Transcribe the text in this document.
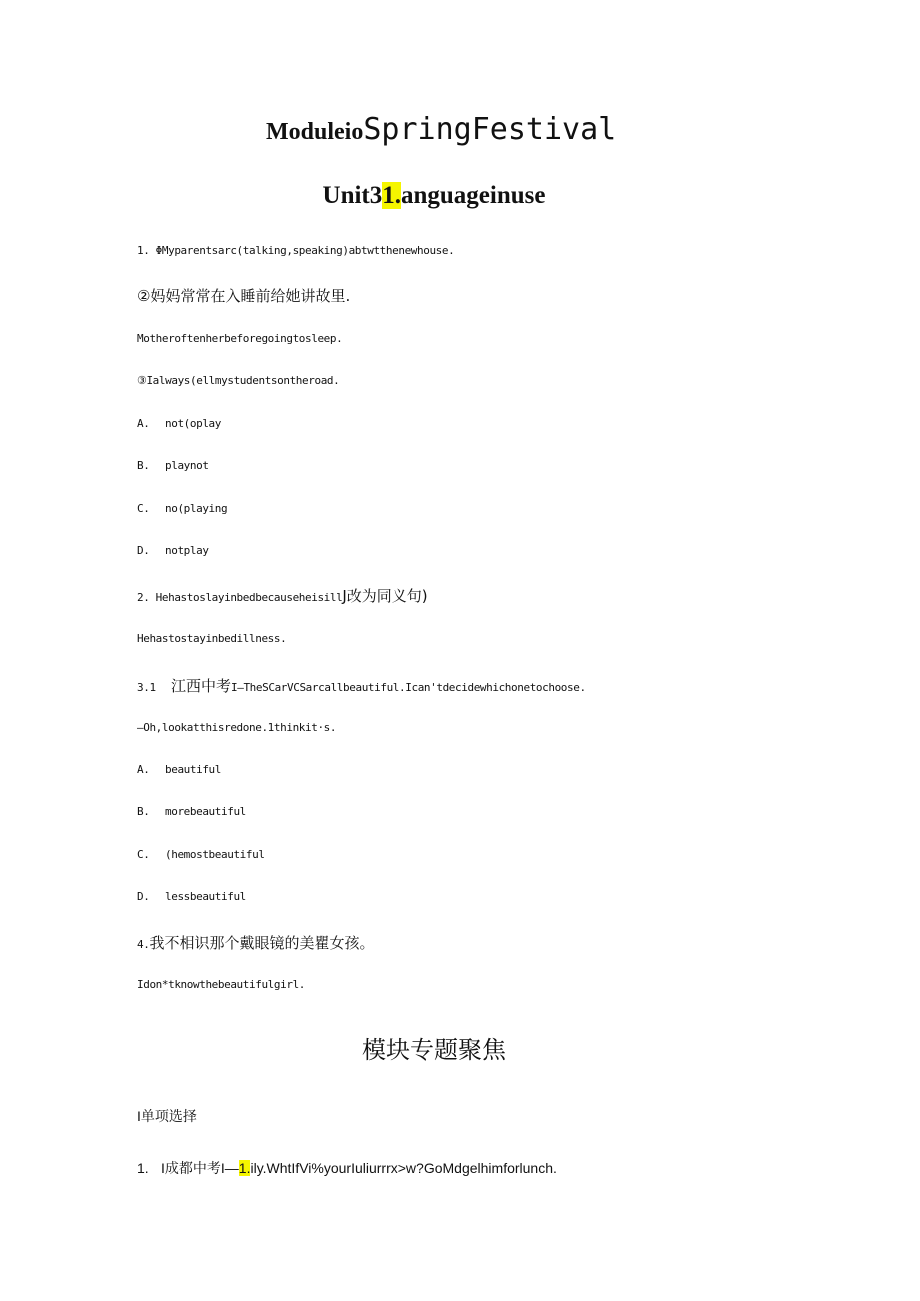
ModuleioSpringFestival
Unit31.anguageinuse
1. ΦMyparentsarc(talking,speaking)abtwtthenewhouse.
②妈妈常常在入睡前给她讲故里.
Motheroftenherbeforegoingtosleep.
③Ialways(ellmystudentsontheroad.
A. not(oplay
B. playnot
C. no(playing
D. notplay
2. HehastoslayinbedbecauseheisillJ改为同义句)
Hehastostayinbedillness.
3.1 江西中考I—TheSCarVCSarcallbeautiful.Ican'tdecidewhichonetochoose.
—Oh,lookatthisredone.1thinkit·s.
A. beautiful
B. morebeautiful
C. (hemostbeautiful
D. lessbeautiful
4.我不相识那个戴眼镜的美瞿女孩。
Idon*tknowthebeautifulgirl.
模块专题聚焦
I单项选择
1. I成都中考I—1.ily.WhtIfVi%yourIuliurrrx>w?GoMdgelhimforlunch.
